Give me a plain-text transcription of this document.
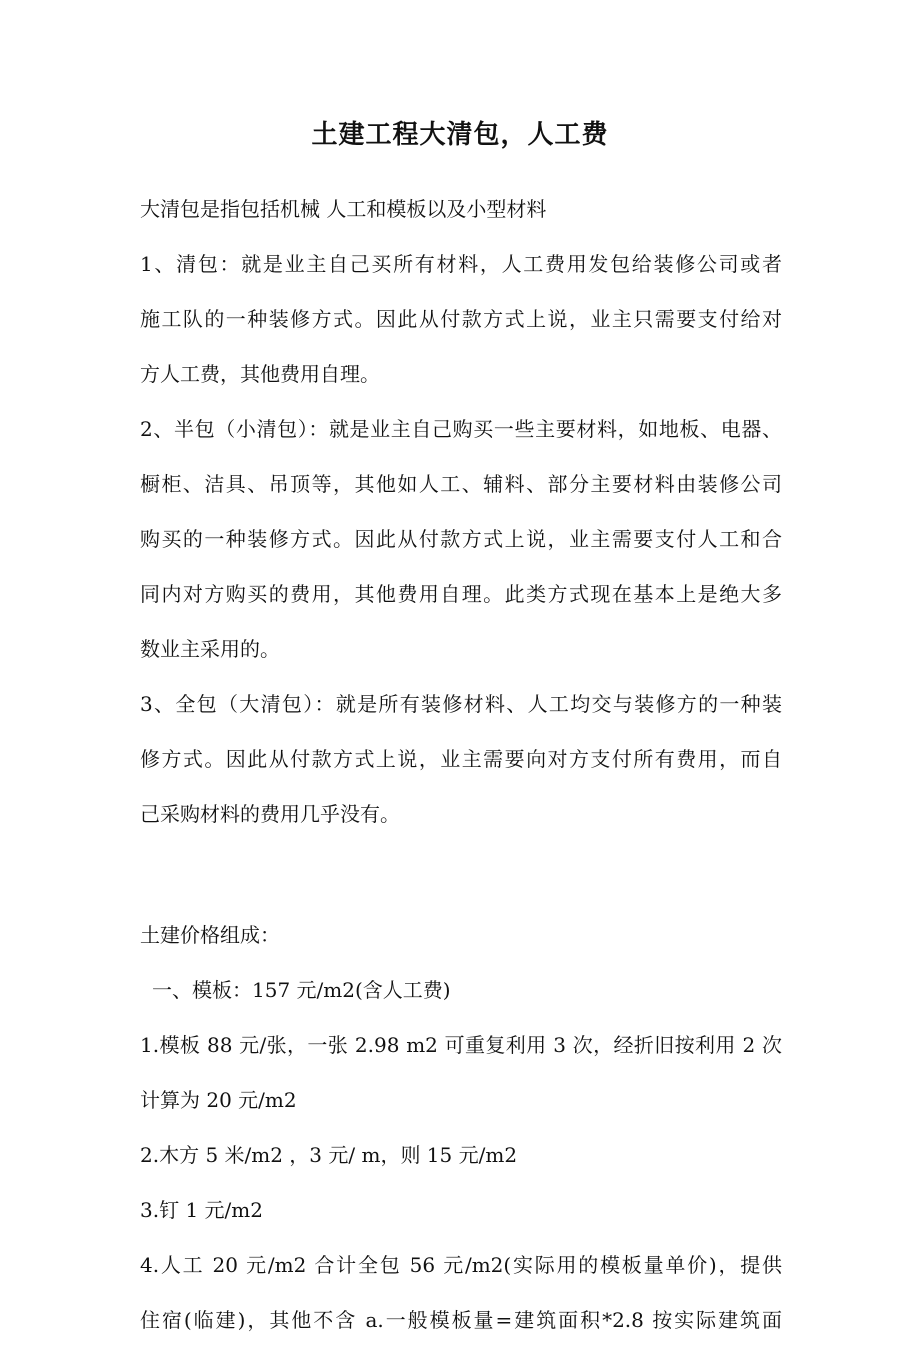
土建工程大清包，人工费
大清包是指包括机械 人工和模板以及小型材料
1、清包：就是业主自己买所有材料，人工费用发包给装修公司或者
施工队的一种装修方式。因此从付款方式上说，业主只需要支付给对
方人工费，其他费用自理。
2、半包（小清包）：就是业主自己购买一些主要材料，如地板、电器、
橱柜、洁具、吊顶等，其他如人工、辅料、部分主要材料由装修公司
购买的一种装修方式。因此从付款方式上说，业主需要支付人工和合
同内对方购买的费用，其他费用自理。此类方式现在基本上是绝大多
数业主采用的。
3、全包（大清包）：就是所有装修材料、人工均交与装修方的一种装
修方式。因此从付款方式上说，业主需要向对方支付所有费用，而自
己采购材料的费用几乎没有。
土建价格组成：
一、模板：157 元/m2(含人工费)
1.模板 88 元/张，一张 2.98 m2 可重复利用 3 次，经折旧按利用 2 次
计算为 20 元/m2
2.木方 5 米/m2 ，3 元/ m，则 15 元/m2
3.钉 1 元/m2
4.人工 20 元/m2 合计全包 56 元/m2(实际用的模板量单价)，提供
住宿(临建)，其他不含 a.一般模板量=建筑面积*2.8 按实际建筑面
